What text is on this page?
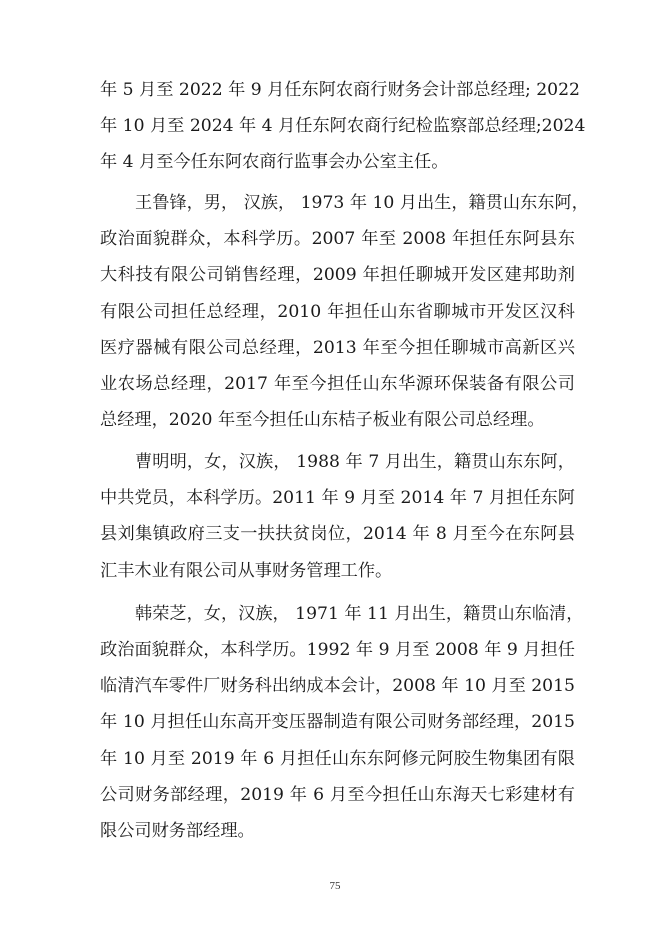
年 5 月至 2022 年 9 月任东阿农商行财务会计部总经理; 2022
年 10 月至 2024 年 4 月任东阿农商行纪检监察部总经理;2024
年 4 月至今任东阿农商行监事会办公室主任。
王鲁锋，男， 汉族， 1973 年 10 月出生，籍贯山东东阿，
政治面貌群众，本科学历。2007 年至 2008 年担任东阿县东
大科技有限公司销售经理，2009 年担任聊城开发区建邦助剂
有限公司担任总经理，2010 年担任山东省聊城市开发区汉科
医疗器械有限公司总经理，2013 年至今担任聊城市高新区兴
业农场总经理，2017 年至今担任山东华源环保装备有限公司
总经理，2020 年至今担任山东桔子板业有限公司总经理。
曹明明，女，汉族， 1988 年 7 月出生，籍贯山东东阿，
中共党员，本科学历。2011 年 9 月至 2014 年 7 月担任东阿
县刘集镇政府三支一扶扶贫岗位，2014 年 8 月至今在东阿县
汇丰木业有限公司从事财务管理工作。
韩荣芝，女，汉族， 1971 年 11 月出生，籍贯山东临清，
政治面貌群众，本科学历。1992 年 9 月至 2008 年 9 月担任
临清汽车零件厂财务科出纳成本会计，2008 年 10 月至 2015
年 10 月担任山东高开变压器制造有限公司财务部经理，2015
年 10 月至 2019 年 6 月担任山东东阿修元阿胶生物集团有限
公司财务部经理，2019 年 6 月至今担任山东海天七彩建材有
限公司财务部经理。
75
